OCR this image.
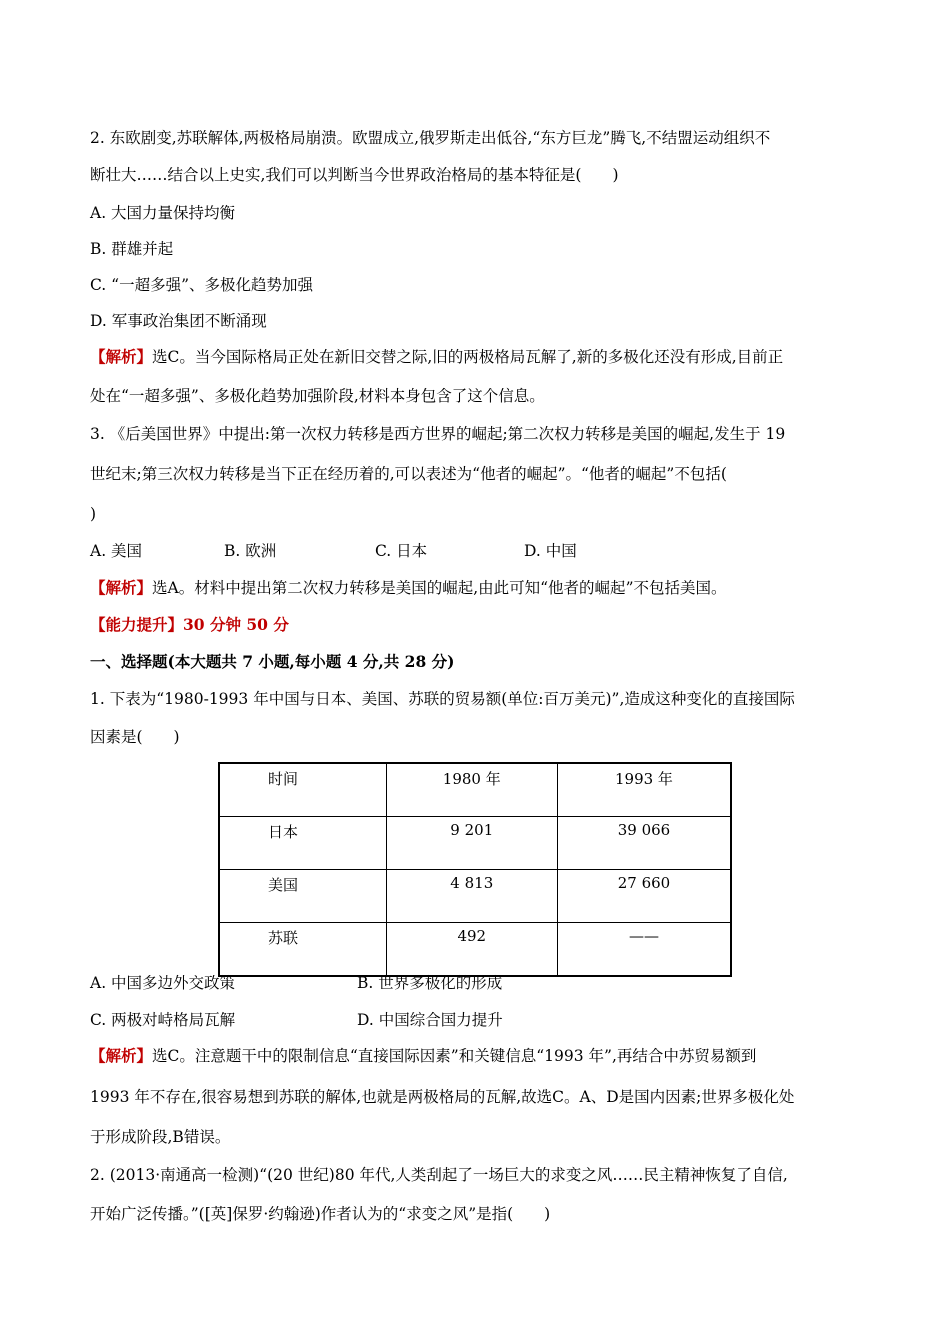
2. 东欧剧变,苏联解体,两极格局崩溃。欧盟成立,俄罗斯走出低谷,“东方巨龙”腾飞,不结盟运动组织不
断壮大……结合以上史实,我们可以判断当今世界政治格局的基本特征是(　　)
A. 大国力量保持均衡
B. 群雄并起
C. “一超多强”、多极化趋势加强
D. 军事政治集团不断涌现
【解析】选C。当今国际格局正处在新旧交替之际,旧的两极格局瓦解了,新的多极化还没有形成,目前正
处在“一超多强”、多极化趋势加强阶段,材料本身包含了这个信息。
3. 《后美国世界》中提出:第一次权力转移是西方世界的崛起;第二次权力转移是美国的崛起,发生于 19
世纪末;第三次权力转移是当下正在经历着的,可以表述为“他者的崛起”。“他者的崛起”不包括(
)
A. 美国	B. 欧洲	C. 日本	D. 中国
【解析】选A。材料中提出第二次权力转移是美国的崛起,由此可知“他者的崛起”不包括美国。
【能力提升】30 分钟 50 分
一、选择题(本大题共 7 小题,每小题 4 分,共 28 分)
1. 下表为“1980-1993 年中国与日本、美国、苏联的贸易额(单位:百万美元)”,造成这种变化的直接国际
因素是(　　)
时间	1980 年	1993 年
日本	9 201	39 066
美国	4 813	27 660
苏联	492	——
A. 中国多边外交政策	B. 世界多极化的形成
C. 两极对峙格局瓦解	D. 中国综合国力提升
【解析】选C。注意题干中的限制信息“直接国际因素”和关键信息“1993 年”,再结合中苏贸易额到
1993 年不存在,很容易想到苏联的解体,也就是两极格局的瓦解,故选C。A、D是国内因素;世界多极化处
于形成阶段,B错误。
2. (2013·南通高一检测)“(20 世纪)80 年代,人类刮起了一场巨大的求变之风……民主精神恢复了自信,
开始广泛传播。”([英]保罗·约翰逊)作者认为的“求变之风”是指(　　)
